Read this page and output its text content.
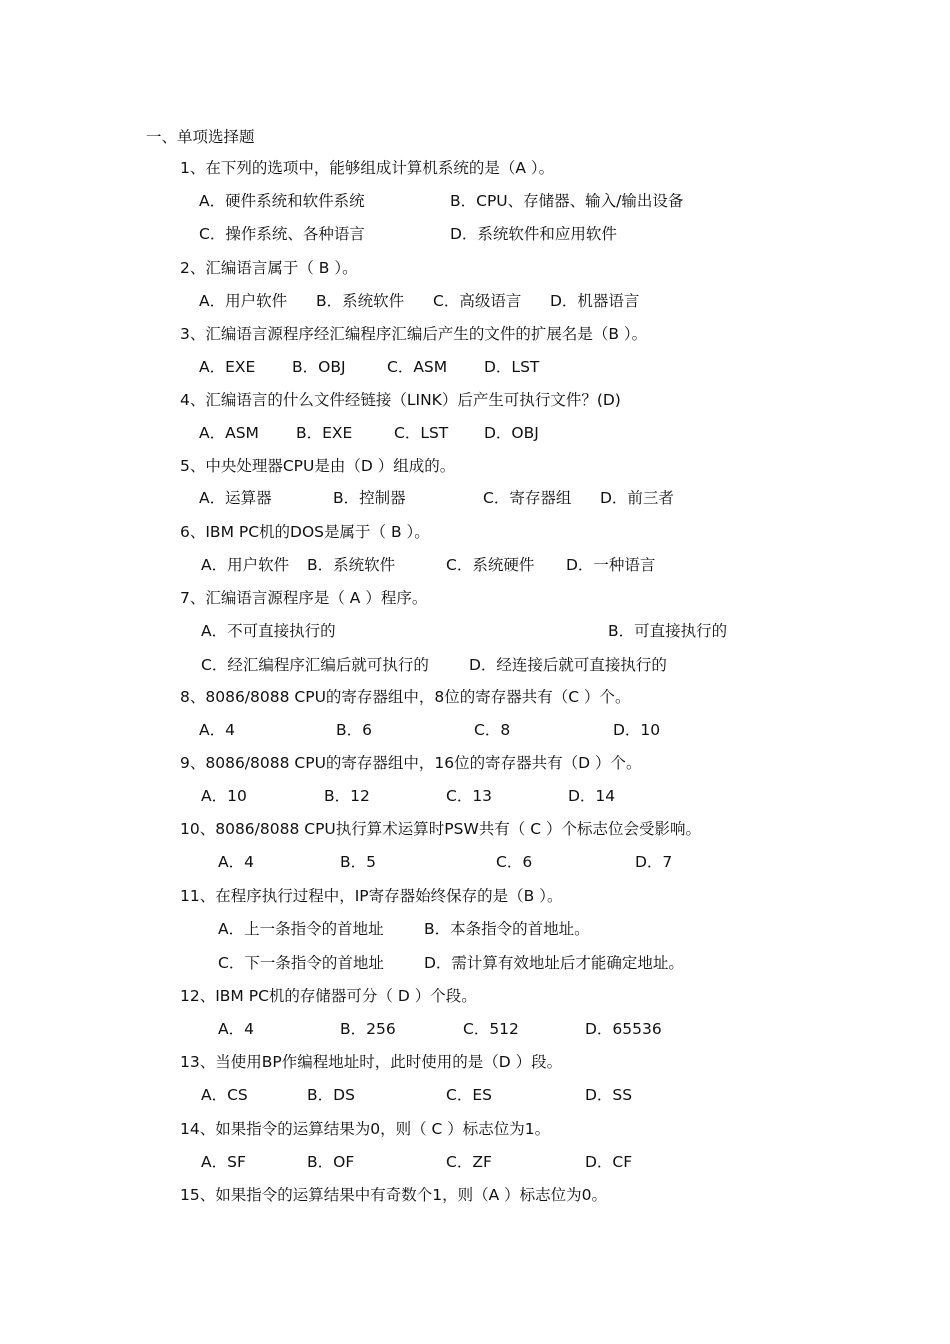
一、单项选择题
1、在下列的选项中，能够组成计算机系统的是（A ）。
A．硬件系统和软件系统	B．CPU、存储器、输入/输出设备
C．操作系统、各种语言	D．系统软件和应用软件
2、汇编语言属于（ B ）。
A．用户软件 B．系统软件 C．高级语言 D．机器语言
3、汇编语言源程序经汇编程序汇编后产生的文件的扩展名是（B ）。
A．EXE B．OBJ	C．ASM D．LST
4、汇编语言的什么文件经链接（LINK）后产生可执行文件？(D)
A．ASM B．EXE	C．LST D．OBJ
5、中央处理器CPU是由（D ）组成的。
A．运算器	B．控制器	C．寄存器组 D．前三者
6、IBM PC机的DOS是属于（ B ）。
A．用户软件 B．系统软件	C．系统硬件 D．一种语言
7、汇编语言源程序是（ A ）程序。
A．不可直接执行的	B．可直接执行的
C．经汇编程序汇编后就可执行的	D．经连接后就可直接执行的
8、8086/8088 CPU的寄存器组中，8位的寄存器共有（C ）个。
A．4	B．6	C．8	D．10
9、8086/8088 CPU的寄存器组中，16位的寄存器共有（D ）个。
A．10	B．12	C．13	D．14
10、8086/8088 CPU执行算术运算时PSW共有（ C ）个标志位会受影响。
A．4	B．5	C．6	D．7
11、在程序执行过程中，IP寄存器始终保存的是（B ）。
A．上一条指令的首地址	B．本条指令的首地址。
C．下一条指令的首地址	D．需计算有效地址后才能确定地址。
12、IBM PC机的存储器可分（ D ）个段。
A．4	B．256	C．512	D．65536
13、当使用BP作编程地址时，此时使用的是（D ）段。
A．CS	B．DS	C．ES	D．SS
14、如果指令的运算结果为0，则（ C ）标志位为1。
A．SF	B．OF	C．ZF	D．CF
15、如果指令的运算结果中有奇数个1，则（A ）标志位为0。
